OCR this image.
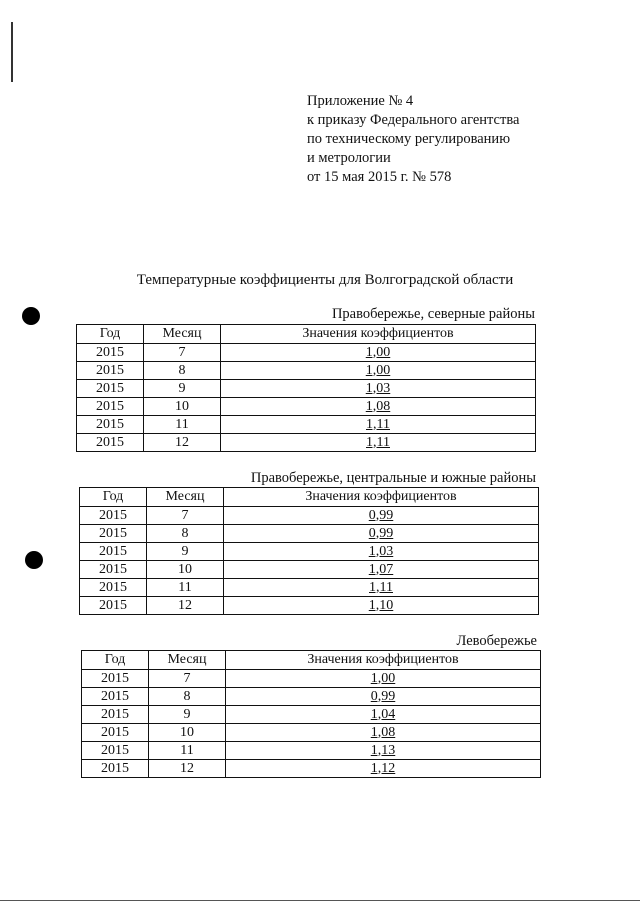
Приложение № 4
к приказу Федерального агентства
по техническому регулированию
и метрологии
от 15 мая 2015 г. № 578
Температурные коэффициенты для Волгоградской области
Правобережье, северные районы
Год	Месяц	Значения коэффициентов
2015	7	1,00
2015	8	1,00
2015	9	1,03
2015	10	1,08
2015	11	1,11
2015	12	1,11
Правобережье, центральные и южные районы
Год	Месяц	Значения коэффициентов
2015	7	0,99
2015	8	0,99
2015	9	1,03
2015	10	1,07
2015	11	1,11
2015	12	1,10
Левобережье
Год	Месяц	Значения коэффициентов
2015	7	1,00
2015	8	0,99
2015	9	1,04
2015	10	1,08
2015	11	1,13
2015	12	1,12
